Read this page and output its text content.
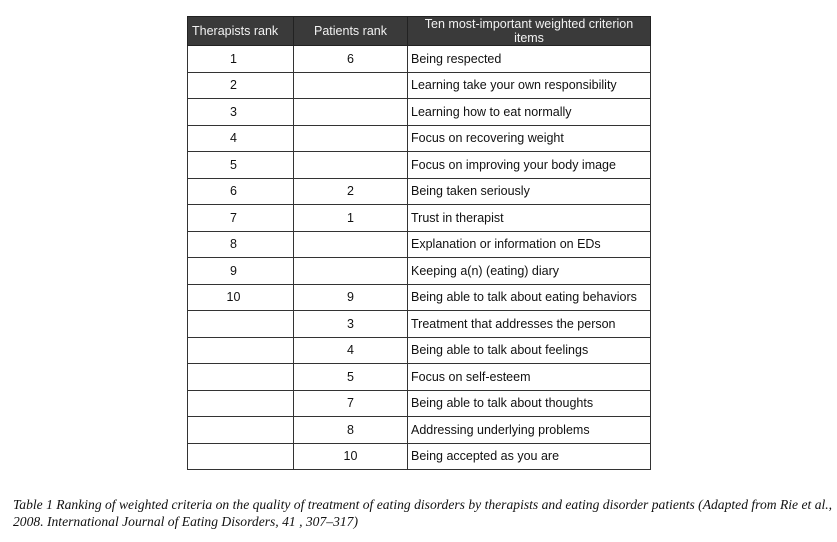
Therapists rank	Patients rank	Ten most-important weighted criterion items
1	6	Being respected
2		Learning take your own responsibility
3		Learning how to eat normally
4		Focus on recovering weight
5		Focus on improving your body image
6	2	Being taken seriously
7	1	Trust in therapist
8		Explanation or information on EDs
9		Keeping a(n) (eating) diary
10	9	Being able to talk about eating behaviors
	3	Treatment that addresses the person
	4	Being able to talk about feelings
	5	Focus on self-esteem
	7	Being able to talk about thoughts
	8	Addressing underlying problems
	10	Being accepted as you are
Table 1 Ranking of weighted criteria on the quality of treatment of eating disorders by therapists and eating disorder patients (Adapted from Rie et al., 2008. International Journal of Eating Disorders, 41 , 307–317)
